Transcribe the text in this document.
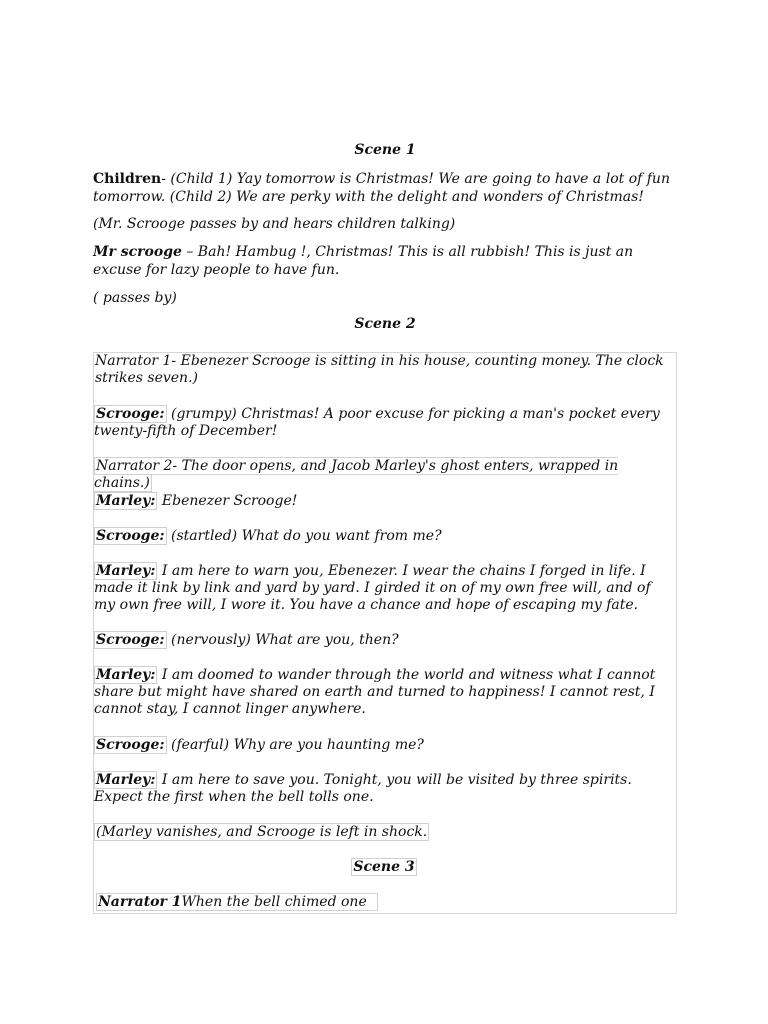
Scene 1
Children- (Child 1) Yay tomorrow is Christmas! We are going to have a lot of fun tomorrow. (Child 2) We are perky with the delight and wonders of Christmas!
(Mr. Scrooge passes by and hears children talking)
Mr scrooge – Bah! Hambug !, Christmas! This is all rubbish! This is just an excuse for lazy people to have fun.
( passes by)
Scene 2
Narrator 1- Ebenezer Scrooge is sitting in his house, counting money. The clock strikes seven.)
Scrooge: (grumpy) Christmas! A poor excuse for picking a man's pocket every twenty-fifth of December!
Narrator 2- The door opens, and Jacob Marley's ghost enters, wrapped in chains.)
Marley: Ebenezer Scrooge!
Scrooge: (startled) What do you want from me?
Marley: I am here to warn you, Ebenezer. I wear the chains I forged in life. I made it link by link and yard by yard. I girded it on of my own free will, and of my own free will, I wore it. You have a chance and hope of escaping my fate.
Scrooge: (nervously) What are you, then?
Marley: I am doomed to wander through the world and witness what I cannot share but might have shared on earth and turned to happiness! I cannot rest, I cannot stay, I cannot linger anywhere.
Scrooge: (fearful) Why are you haunting me?
Marley: I am here to save you. Tonight, you will be visited by three spirits. Expect the first when the bell tolls one.
(Marley vanishes, and Scrooge is left in shock.
Scene 3
Narrator 1When the bell chimed one
